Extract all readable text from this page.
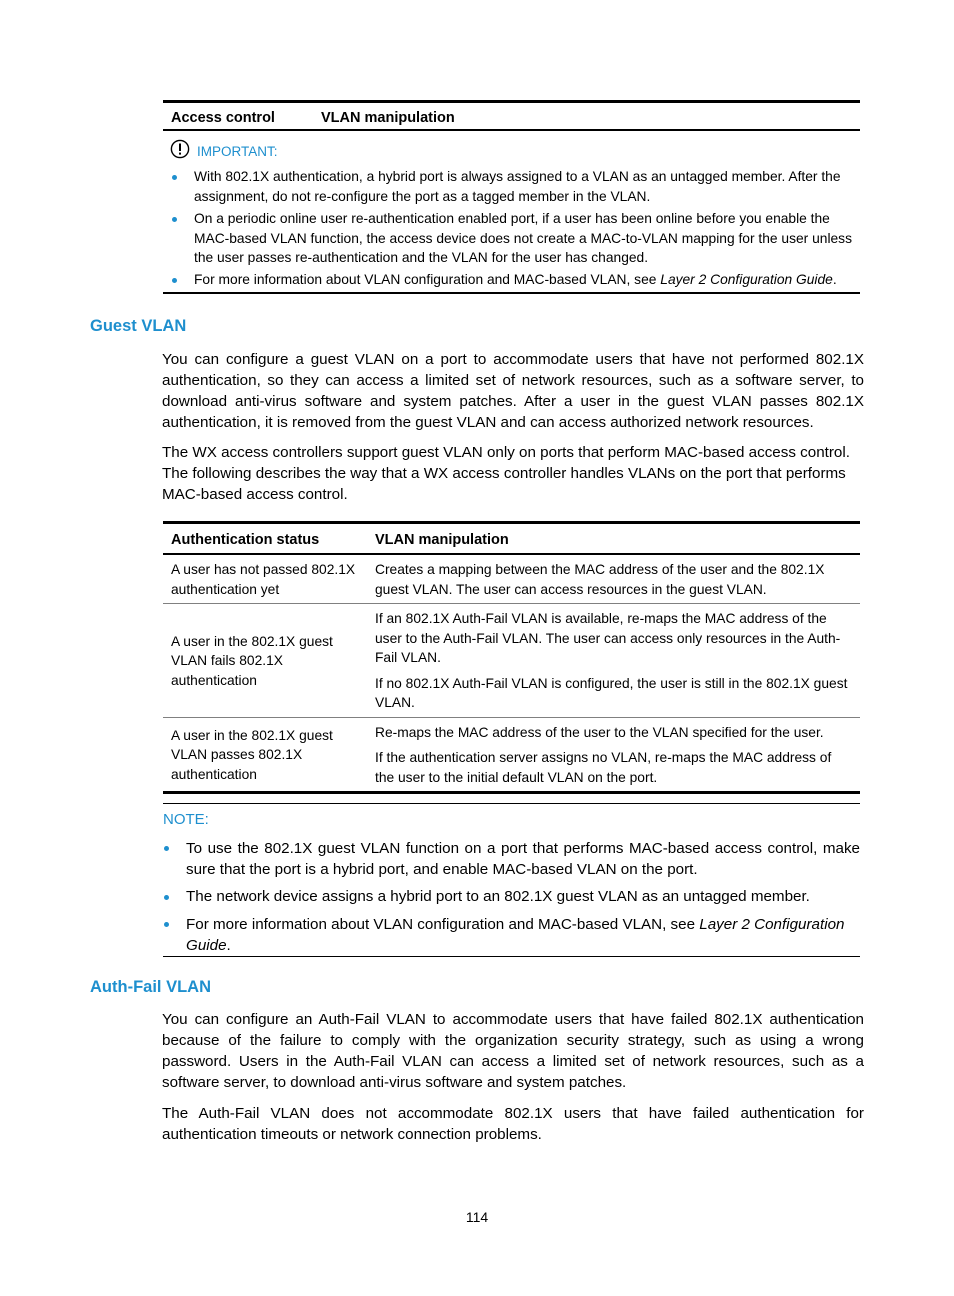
Access control	VLAN manipulation
IMPORTANT:
With 802.1X authentication, a hybrid port is always assigned to a VLAN as an untagged member. After the assignment, do not re-configure the port as a tagged member in the VLAN.
On a periodic online user re-authentication enabled port, if a user has been online before you enable the MAC-based VLAN function, the access device does not create a MAC-to-VLAN mapping for the user unless the user passes re-authentication and the VLAN for the user has changed.
For more information about VLAN configuration and MAC-based VLAN, see Layer 2 Configuration Guide.
Guest VLAN
You can configure a guest VLAN on a port to accommodate users that have not performed 802.1X authentication, so they can access a limited set of network resources, such as a software server, to download anti-virus software and system patches. After a user in the guest VLAN passes 802.1X authentication, it is removed from the guest VLAN and can access authorized network resources.
The WX access controllers support guest VLAN only on ports that perform MAC-based access control. The following describes the way that a WX access controller handles VLANs on the port that performs MAC-based access control.
Authentication status	VLAN manipulation
A user has not passed 802.1X authentication yet	Creates a mapping between the MAC address of the user and the 802.1X guest VLAN. The user can access resources in the guest VLAN.

A user in the 802.1X guest VLAN fails 802.1X authentication	If an 802.1X Auth-Fail VLAN is available, re-maps the MAC address of the user to the Auth-Fail VLAN. The user can access only resources in the Auth-Fail VLAN.

If no 802.1X Auth-Fail VLAN is configured, the user is still in the 802.1X guest VLAN.

A user in the 802.1X guest VLAN passes 802.1X authentication	Re-maps the MAC address of the user to the VLAN specified for the user.

If the authentication server assigns no VLAN, re-maps the MAC address of the user to the initial default VLAN on the port.

NOTE:
To use the 802.1X guest VLAN function on a port that performs MAC-based access control, make sure that the port is a hybrid port, and enable MAC-based VLAN on the port.
The network device assigns a hybrid port to an 802.1X guest VLAN as an untagged member.
For more information about VLAN configuration and MAC-based VLAN, see Layer 2 Configuration Guide.
Auth-Fail VLAN
You can configure an Auth-Fail VLAN to accommodate users that have failed 802.1X authentication because of the failure to comply with the organization security strategy, such as using a wrong password. Users in the Auth-Fail VLAN can access a limited set of network resources, such as a software server, to download anti-virus software and system patches.
The Auth-Fail VLAN does not accommodate 802.1X users that have failed authentication for authentication timeouts or network connection problems.
114
